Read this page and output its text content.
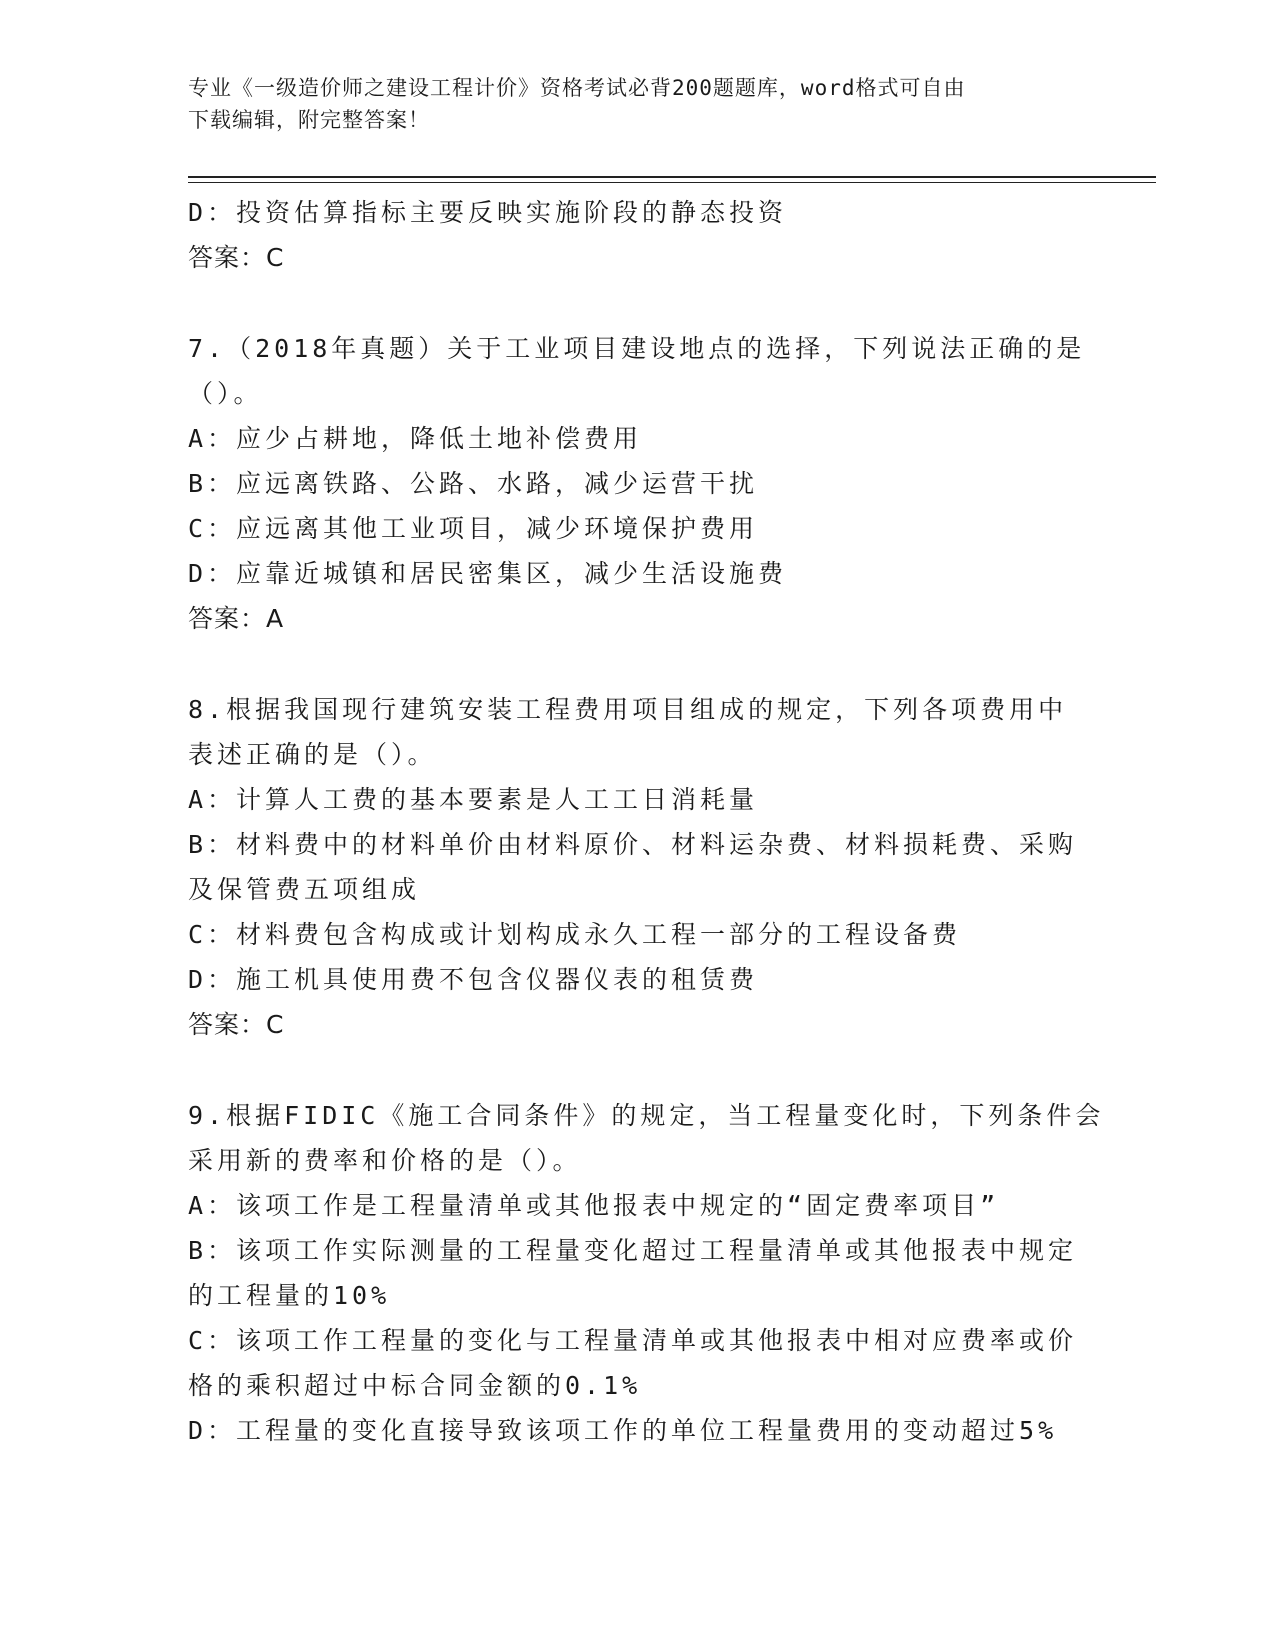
专业《一级造价师之建设工程计价》资格考试必背200题题库，word格式可自由
下载编辑，附完整答案！
D：投资估算指标主要反映实施阶段的静态投资
答案：C
7.（2018年真题）关于工业项目建设地点的选择，下列说法正确的是
（）。
A：应少占耕地，降低土地补偿费用
B：应远离铁路、公路、水路，减少运营干扰
C：应远离其他工业项目，减少环境保护费用
D：应靠近城镇和居民密集区，减少生活设施费
答案：A
8.根据我国现行建筑安装工程费用项目组成的规定，下列各项费用中
表述正确的是（）。
A：计算人工费的基本要素是人工工日消耗量
B：材料费中的材料单价由材料原价、材料运杂费、材料损耗费、采购
及保管费五项组成
C：材料费包含构成或计划构成永久工程一部分的工程设备费
D：施工机具使用费不包含仪器仪表的租赁费
答案：C
9.根据FIDIC《施工合同条件》的规定，当工程量变化时，下列条件会
采用新的费率和价格的是（）。
A：该项工作是工程量清单或其他报表中规定的“固定费率项目”
B：该项工作实际测量的工程量变化超过工程量清单或其他报表中规定
的工程量的10%
C：该项工作工程量的变化与工程量清单或其他报表中相对应费率或价
格的乘积超过中标合同金额的0.1%
D：工程量的变化直接导致该项工作的单位工程量费用的变动超过5%
